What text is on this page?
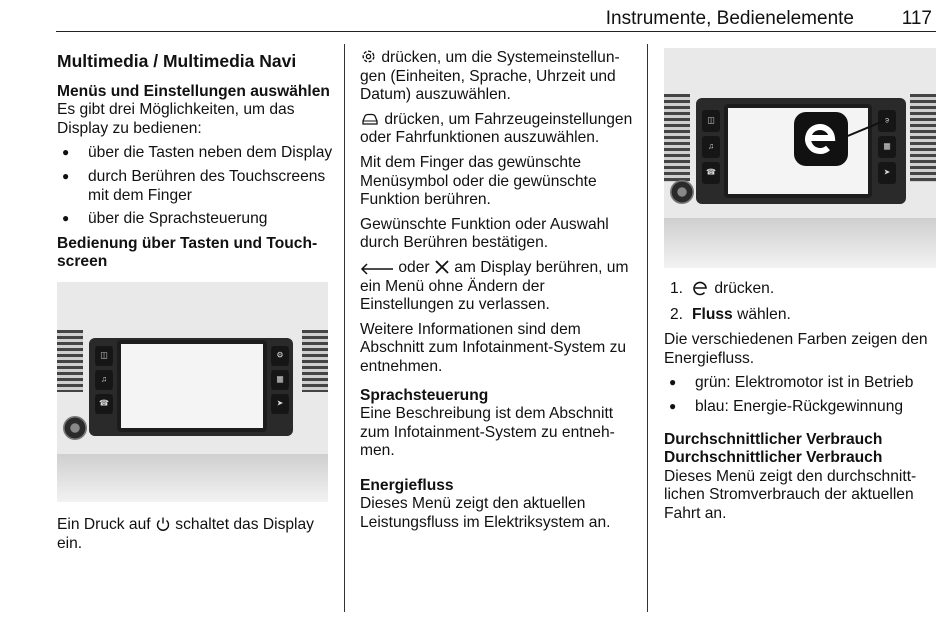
Instrumente, Bedienelemente	117
Multimedia / Multimedia Navi
Menüs und Einstellungen auswählen

Es gibt drei Möglichkeiten, um das Display zu bedienen:

● über die Tasten neben dem Display
● durch Berühren des Touchscreens mit dem Finger
● über die Sprachsteuerung
Bedienung über Tasten und Touchscreen
◫
♫
☎
⚙
▦
➤

Ein Druck auf schaltet das Display ein.

drücken, um die Systemeinstellungen (Einheiten, Sprache, Uhrzeit und Datum) auszuwählen.

drücken, um Fahrzeugeinstellungen oder Fahrfunktionen auszuwählen.

Mit dem Finger das gewünschte Menüsymbol oder die gewünschte Funktion berühren.

Gewünschte Funktion oder Auswahl durch Berühren bestätigen.

oder am Display berühren, um ein Menü ohne Ändern der Einstellungen zu verlassen.

Weitere Informationen sind dem Abschnitt zum Infotainment-System zu entnehmen.

Sprachsteuerung

Eine Beschreibung ist dem Abschnitt zum Infotainment-System zu entnehmen.

Energiefluss

Dieses Menü zeigt den aktuellen Leistungsfluss im Elektriksystem an.

◫
♫
☎
e
▦
➤
1.	drücken.
2. Fluss wählen.

Die verschiedenen Farben zeigen den Energiefluss.

● grün: Elektromotor ist in Betrieb
● blau: Energie-Rückgewinnung
Durchschnittlicher Verbrauch
Durchschnittlicher Verbrauch

Dieses Menü zeigt den durchschnittlichen Stromverbrauch der aktuellen Fahrt an.
